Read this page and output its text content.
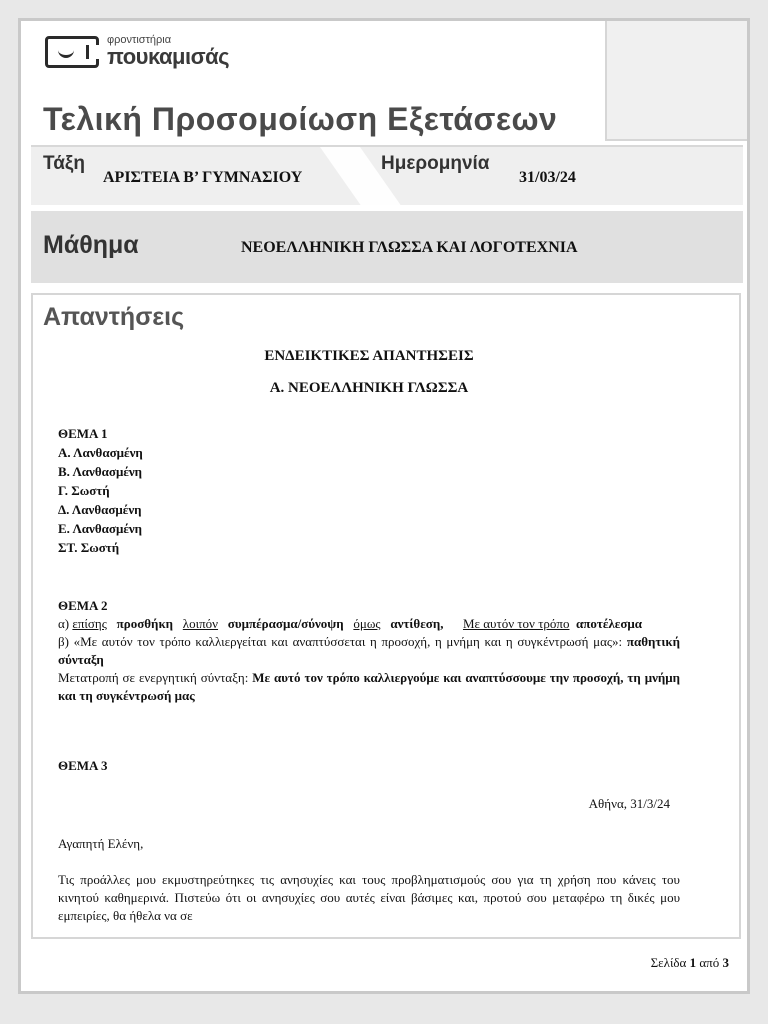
φροντιστήρια
πουκαμισάς
Τελική Προσομοίωση Εξετάσεων
Τάξη
ΑΡΙΣΤΕΙΑ Β’ ΓΥΜΝΑΣΙΟΥ
Ημερομηνία
31/03/24
Μάθημα	ΝΕΟΕΛΛΗΝΙΚΗ ΓΛΩΣΣΑ ΚΑΙ ΛΟΓΟΤΕΧΝΙΑ
Απαντήσεις
ΕΝΔΕΙΚΤΙΚΕΣ ΑΠΑΝΤΗΣΕΙΣ
Α. ΝΕΟΕΛΛΗΝΙΚΗ ΓΛΩΣΣΑ
ΘΕΜΑ 1
Α. Λανθασμένη
Β. Λανθασμένη
Γ. Σωστή
Δ. Λανθασμένη
Ε. Λανθασμένη
ΣΤ. Σωστή
ΘΕΜΑ 2
α) επίσης προσθήκη λοιπόν συμπέρασμα/σύνοψη όμως αντίθεση, Με αυτόν τον τρόπο αποτέλεσμα
β) «Με αυτόν τον τρόπο καλλιεργείται και αναπτύσσεται η προσοχή, η μνήμη και η συγκέντρωσή μας»: παθητική σύνταξη
Μετατροπή σε ενεργητική σύνταξη: Με αυτό τον τρόπο καλλιεργούμε και αναπτύσσουμε την προσοχή, τη μνήμη και τη συγκέντρωσή μας
ΘΕΜΑ 3
Αθήνα, 31/3/24
Αγαπητή Ελένη,
Τις προάλλες μου εκμυστηρεύτηκες τις ανησυχίες και τους προβληματισμούς σου για τη χρήση που κάνεις του κινητού καθημερινά. Πιστεύω ότι οι ανησυχίες σου αυτές είναι βάσιμες και, προτού σου μεταφέρω τη δικές μου εμπειρίες, θα ήθελα να σε
Σελίδα 1 από 3
